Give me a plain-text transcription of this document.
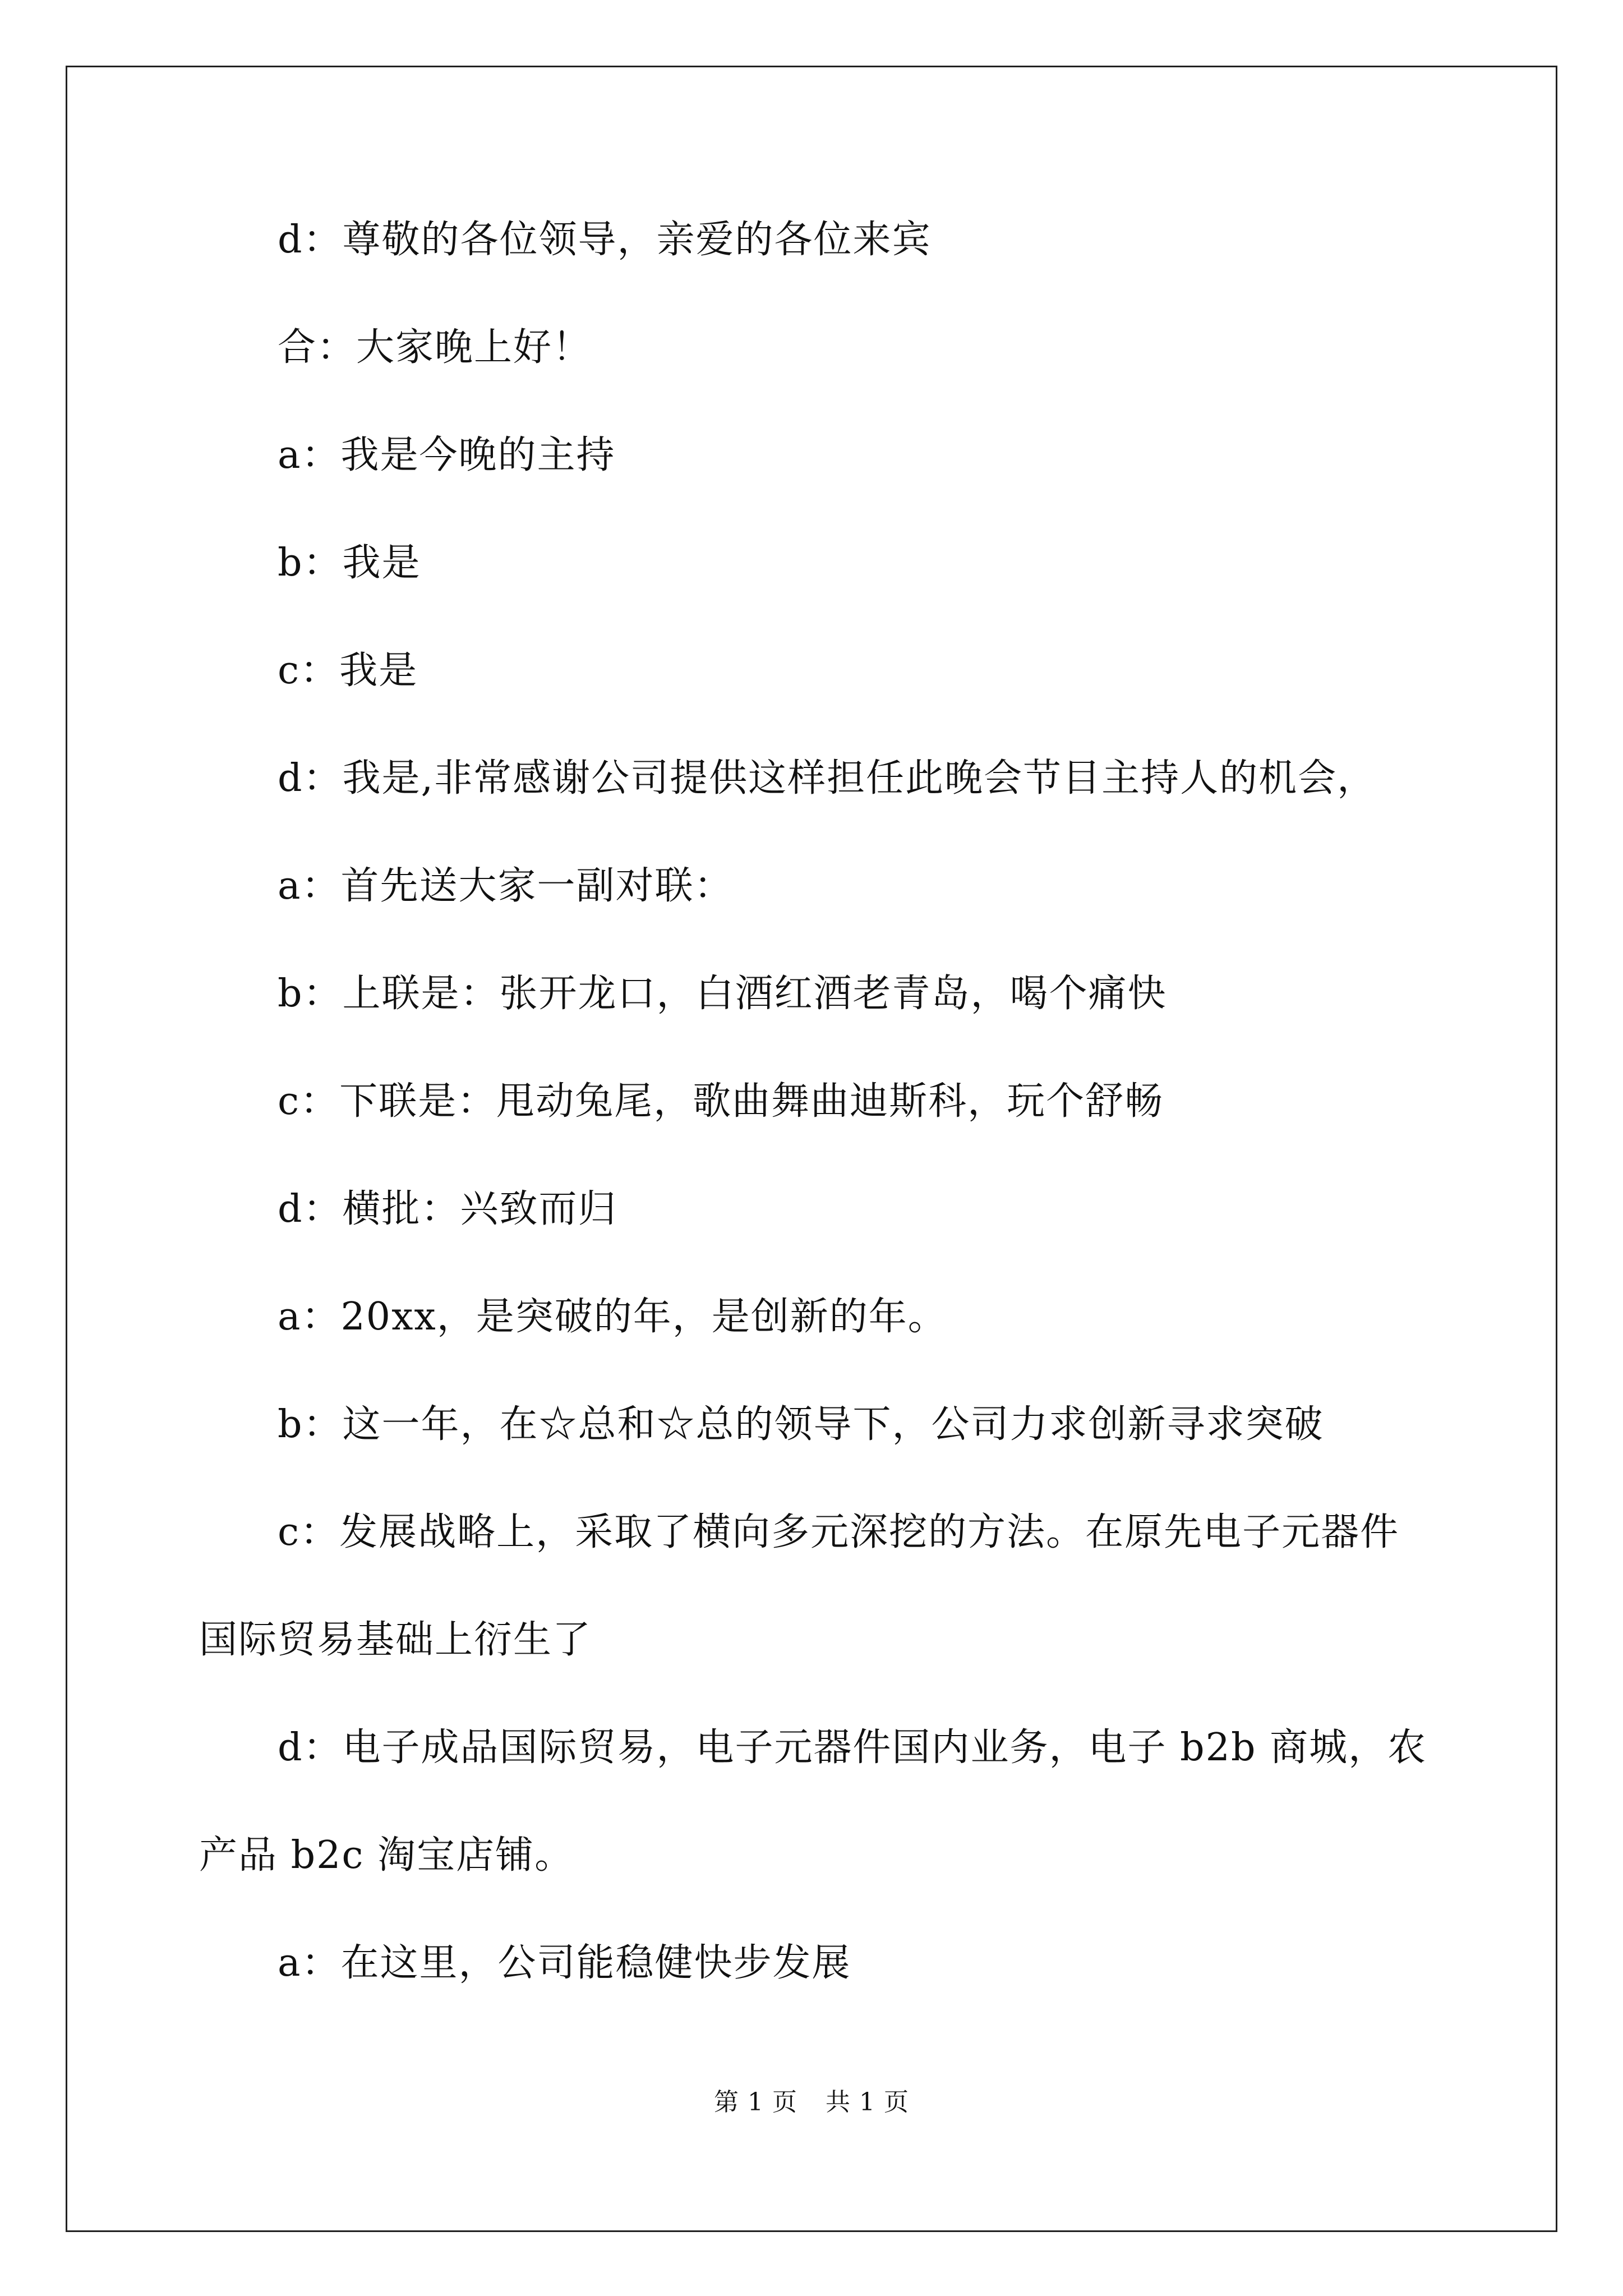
d：尊敬的各位领导，亲爱的各位来宾
合：大家晚上好！
a：我是今晚的主持
b：我是
c：我是
d：我是,非常感谢公司提供这样担任此晚会节目主持人的机会，
a：首先送大家一副对联：
b：上联是：张开龙口，白酒红酒老青岛，喝个痛快
c：下联是：甩动兔尾，歌曲舞曲迪斯科，玩个舒畅
d：横批：兴致而归
a：20xx，是突破的年，是创新的年。
b：这一年，在☆总和☆总的领导下，公司力求创新寻求突破
c：发展战略上，采取了横向多元深挖的方法。在原先电子元器件
国际贸易基础上衍生了
d：电子成品国际贸易，电子元器件国内业务，电子 b2b 商城，农
产品 b2c 淘宝店铺。
a：在这里，公司能稳健快步发展
第 1 页 共 1 页
